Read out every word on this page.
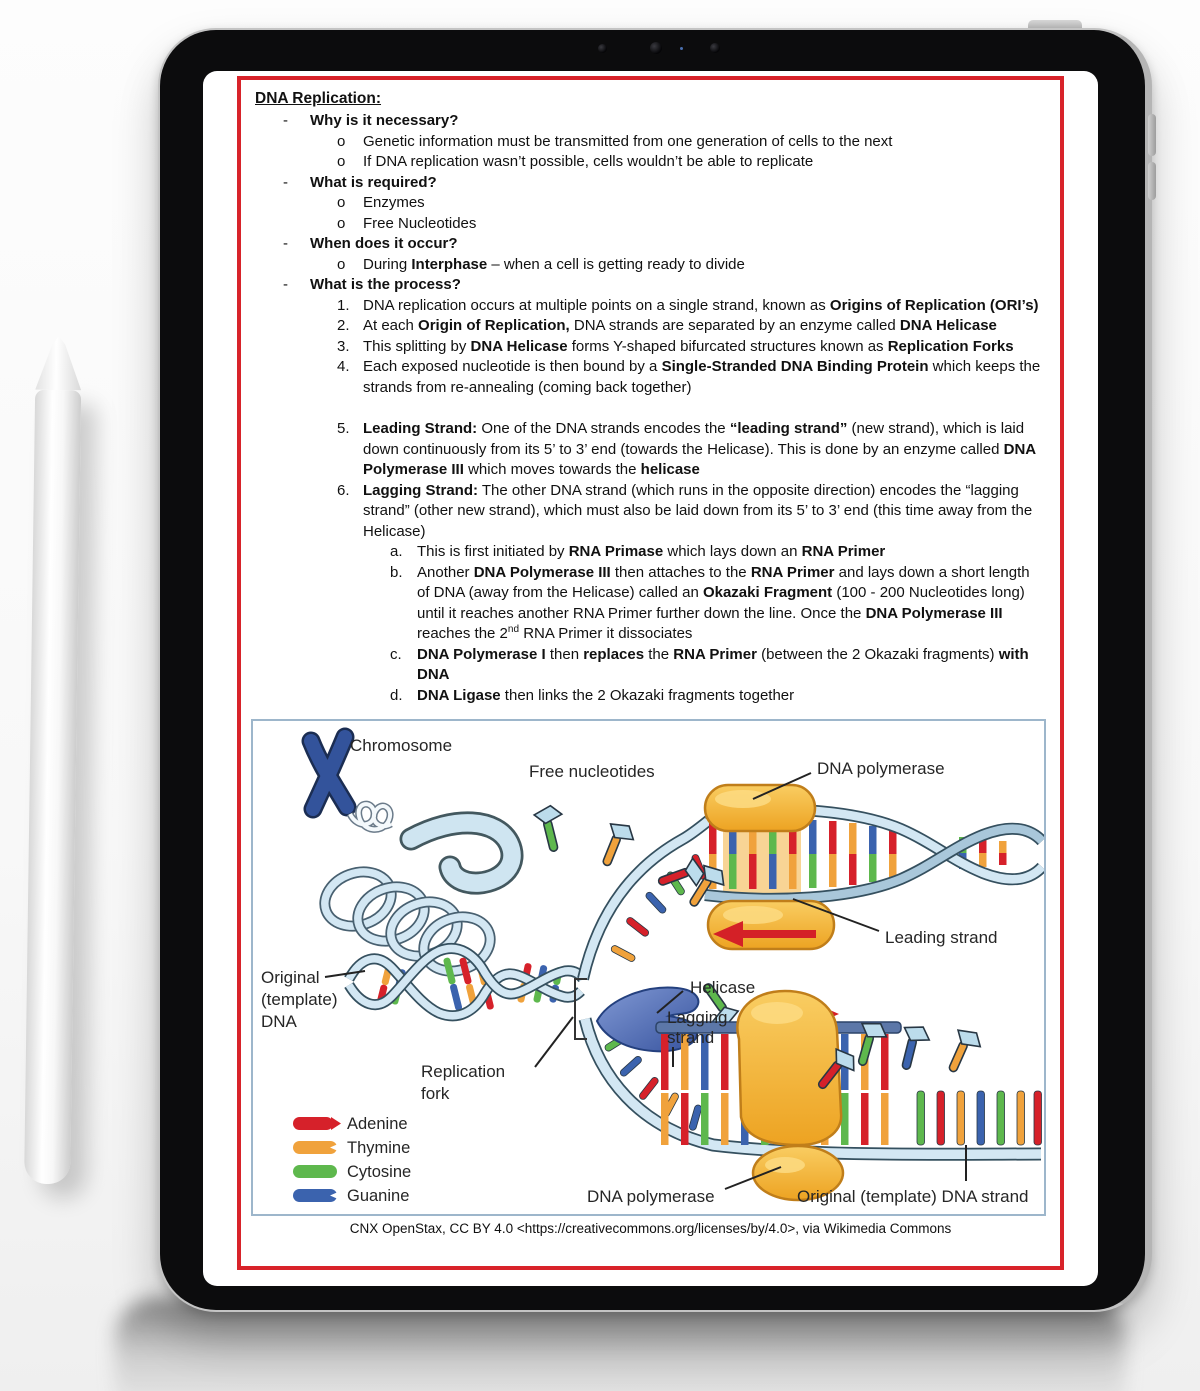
DNA Replication:
-	Why is it necessary?
o	Genetic information must be transmitted from one generation of cells to the next
o	If DNA replication wasn’t possible, cells wouldn’t be able to replicate
-	What is required?
o	Enzymes
o	Free Nucleotides
-	When does it occur?
o	During Interphase – when a cell is getting ready to divide
-	What is the process?
1. DNA replication occurs at multiple points on a single strand, known as Origins of Replication (ORI’s)
2. At each Origin of Replication, DNA strands are separated by an enzyme called DNA Helicase
3. This splitting by DNA Helicase forms Y-shaped bifurcated structures known as Replication Forks
4. Each exposed nucleotide is then bound by a Single-Stranded DNA Binding Protein which keeps the strands from re-annealing (coming back together)
5. Leading Strand: One of the DNA strands encodes the “leading strand” (new strand), which is laid down continuously from its 5’ to 3’ end (towards the Helicase). This is done by an enzyme called DNA Polymerase III which moves towards the helicase
6. Lagging Strand: The other DNA strand (which runs in the opposite direction) encodes the “lagging strand” (other new strand), which must also be laid down from its 5’ to 3’ end (this time away from the Helicase)
a. This is first initiated by RNA Primase which lays down an RNA Primer
b. Another DNA Polymerase III then attaches to the RNA Primer and lays down a short length of DNA (away from the Helicase) called an Okazaki Fragment (100 - 200 Nucleotides long) until it reaches another RNA Primer further down the line. Once the DNA Polymerase III reaches the 2nd RNA Primer it dissociates
c.	DNA Polymerase I then replaces the RNA Primer (between the 2 Okazaki fragments) with DNA
d. DNA Ligase then links the 2 Okazaki fragments together
Chromosome
Free nucleotides	DNA polymerase
Leading strand
Helicase
Lagging
strand
Replication
fork
Original
(template)
DNA
DNA polymerase	Original (template) DNA strand
Adenine
Thymine
Cytosine
Guanine
CNX OpenStax, CC BY 4.0 <https://creativecommons.org/licenses/by/4.0>, via Wikimedia Commons
